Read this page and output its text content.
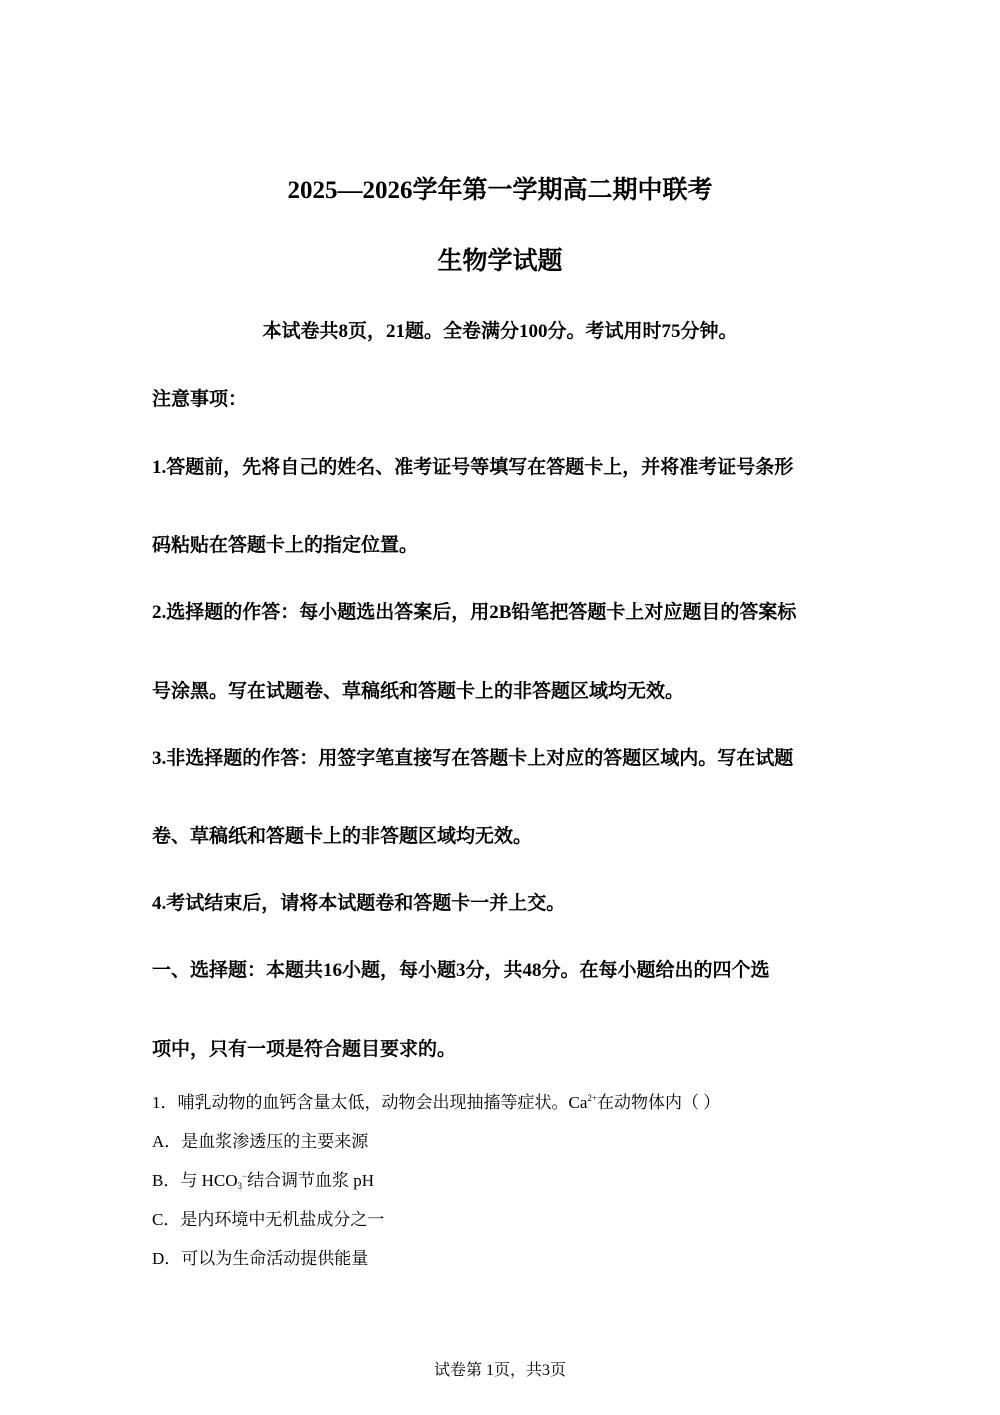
2025—2026学年第一学期高二期中联考
生物学试题
本试卷共8页，21题。全卷满分100分。考试用时75分钟。
注意事项：
1.答题前，先将自己的姓名、准考证号等填写在答题卡上，并将准考证号条形
码粘贴在答题卡上的指定位置。
2.选择题的作答：每小题选出答案后，用2B铅笔把答题卡上对应题目的答案标
号涂黑。写在试题卷、草稿纸和答题卡上的非答题区域均无效。
3.非选择题的作答：用签字笔直接写在答题卡上对应的答题区域内。写在试题
卷、草稿纸和答题卡上的非答题区域均无效。
4.考试结束后，请将本试题卷和答题卡一并上交。
一、选择题：本题共16小题，每小题3分，共48分。在每小题给出的四个选
项中，只有一项是符合题目要求的。
1．哺乳动物的血钙含量太低，动物会出现抽搐等症状。$Ca^{2+}$在动物体内（ ）
A．是血浆渗透压的主要来源
B．与 $HCO_3^-$结合调节血浆 pH
C．是内环境中无机盐成分之一
D．可以为生命活动提供能量
试卷第 1页，共3页
